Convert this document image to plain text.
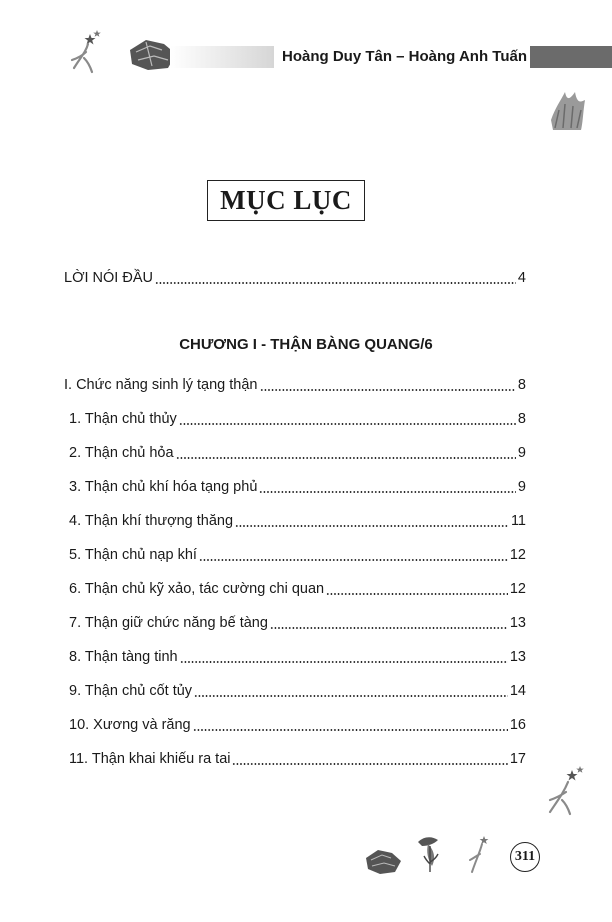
Hoàng Duy Tân – Hoàng Anh Tuấn
MỤC LỤC
LỜI NÓI ĐẦU	4
CHƯƠNG I - THẬN BÀNG QUANG/6
I. Chức năng sinh lý tạng thận	8
1. Thận chủ thủy	8
2. Thận chủ hỏa	9
3. Thận chủ khí hóa tạng phủ	9
4. Thận khí thượng thăng	11
5. Thận chủ nạp khí	12
6. Thận chủ kỹ xảo, tác cường chi quan	12
7. Thận giữ chức năng bế tàng	13
8. Thận tàng tinh	13
9. Thận chủ cốt tủy	14
10. Xương và răng	16
11. Thận khai khiếu ra tai	17
311
